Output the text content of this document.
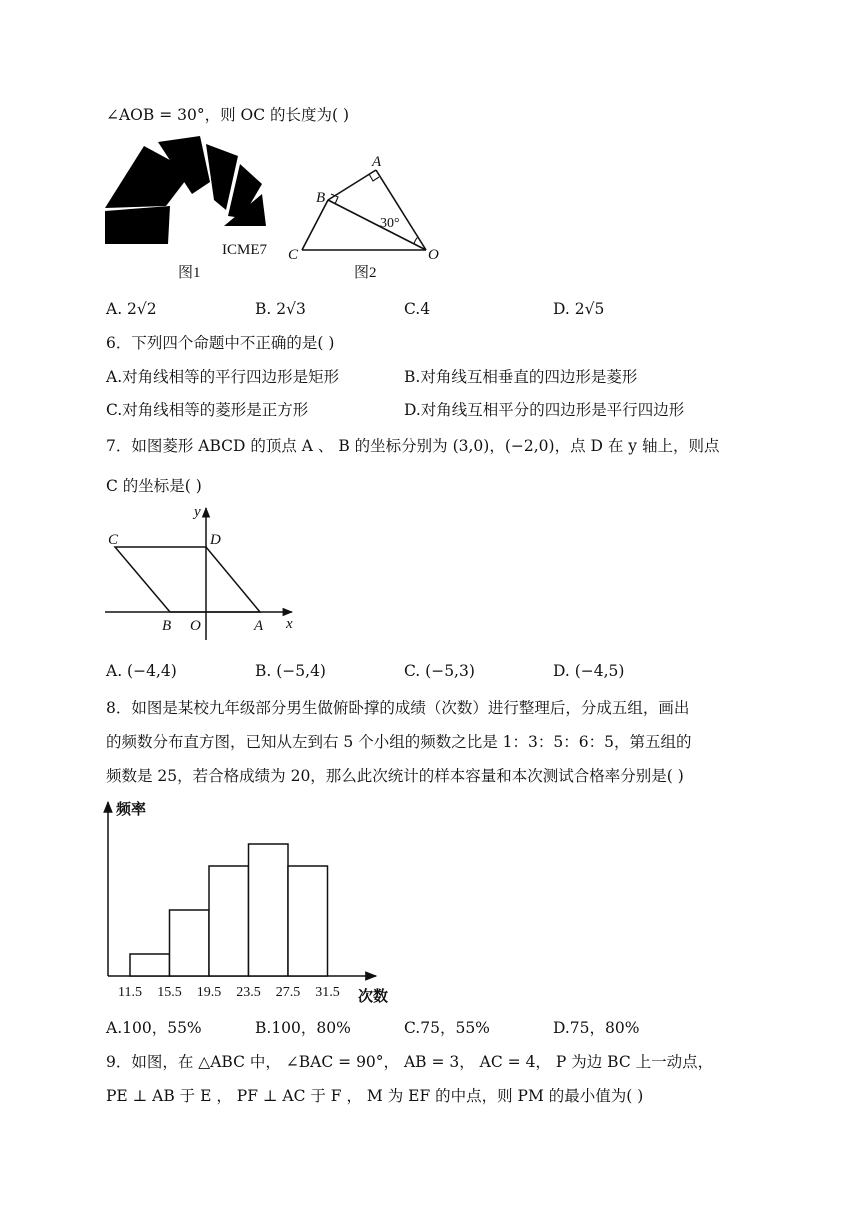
∠AOB = 30°，则 OC 的长度为( )
ICME7
图1
A
B
C	O
30°
图2
A. 2√2	B. 2√3	C.4	D. 2√5
6．下列四个命题中不正确的是( )
A.对角线相等的平行四边形是矩形	B.对角线互相垂直的四边形是菱形
C.对角线相等的菱形是正方形	D.对角线互相平分的四边形是平行四边形
7．如图菱形 ABCD 的顶点 A 、 B 的坐标分别为 (3,0)，(−2,0)，点 D 在 y 轴上，则点
C 的坐标是( )
C	D
B O	A x
y
A. (−4,4)	B. (−5,4)	C. (−5,3)	D. (−4,5)
8．如图是某校九年级部分男生做俯卧撑的成绩（次数）进行整理后，分成五组，画出
的频数分布直方图，已知从左到右 5 个小组的频数之比是 1：3：5：6：5，第五组的
频数是 25，若合格成绩为 20，那么此次统计的样本容量和本次测试合格率分别是( )
频率
次数
11.5 15.5 19.5 23.5 27.5 31.5
A.100，55%	B.100，80%	C.75，55%	D.75，80%
9．如图，在 △ABC 中， ∠BAC = 90°， AB = 3， AC = 4， P 为边 BC 上一动点，
PE ⊥ AB 于 E ， PF ⊥ AC 于 F ， M 为 EF 的中点，则 PM 的最小值为( )
